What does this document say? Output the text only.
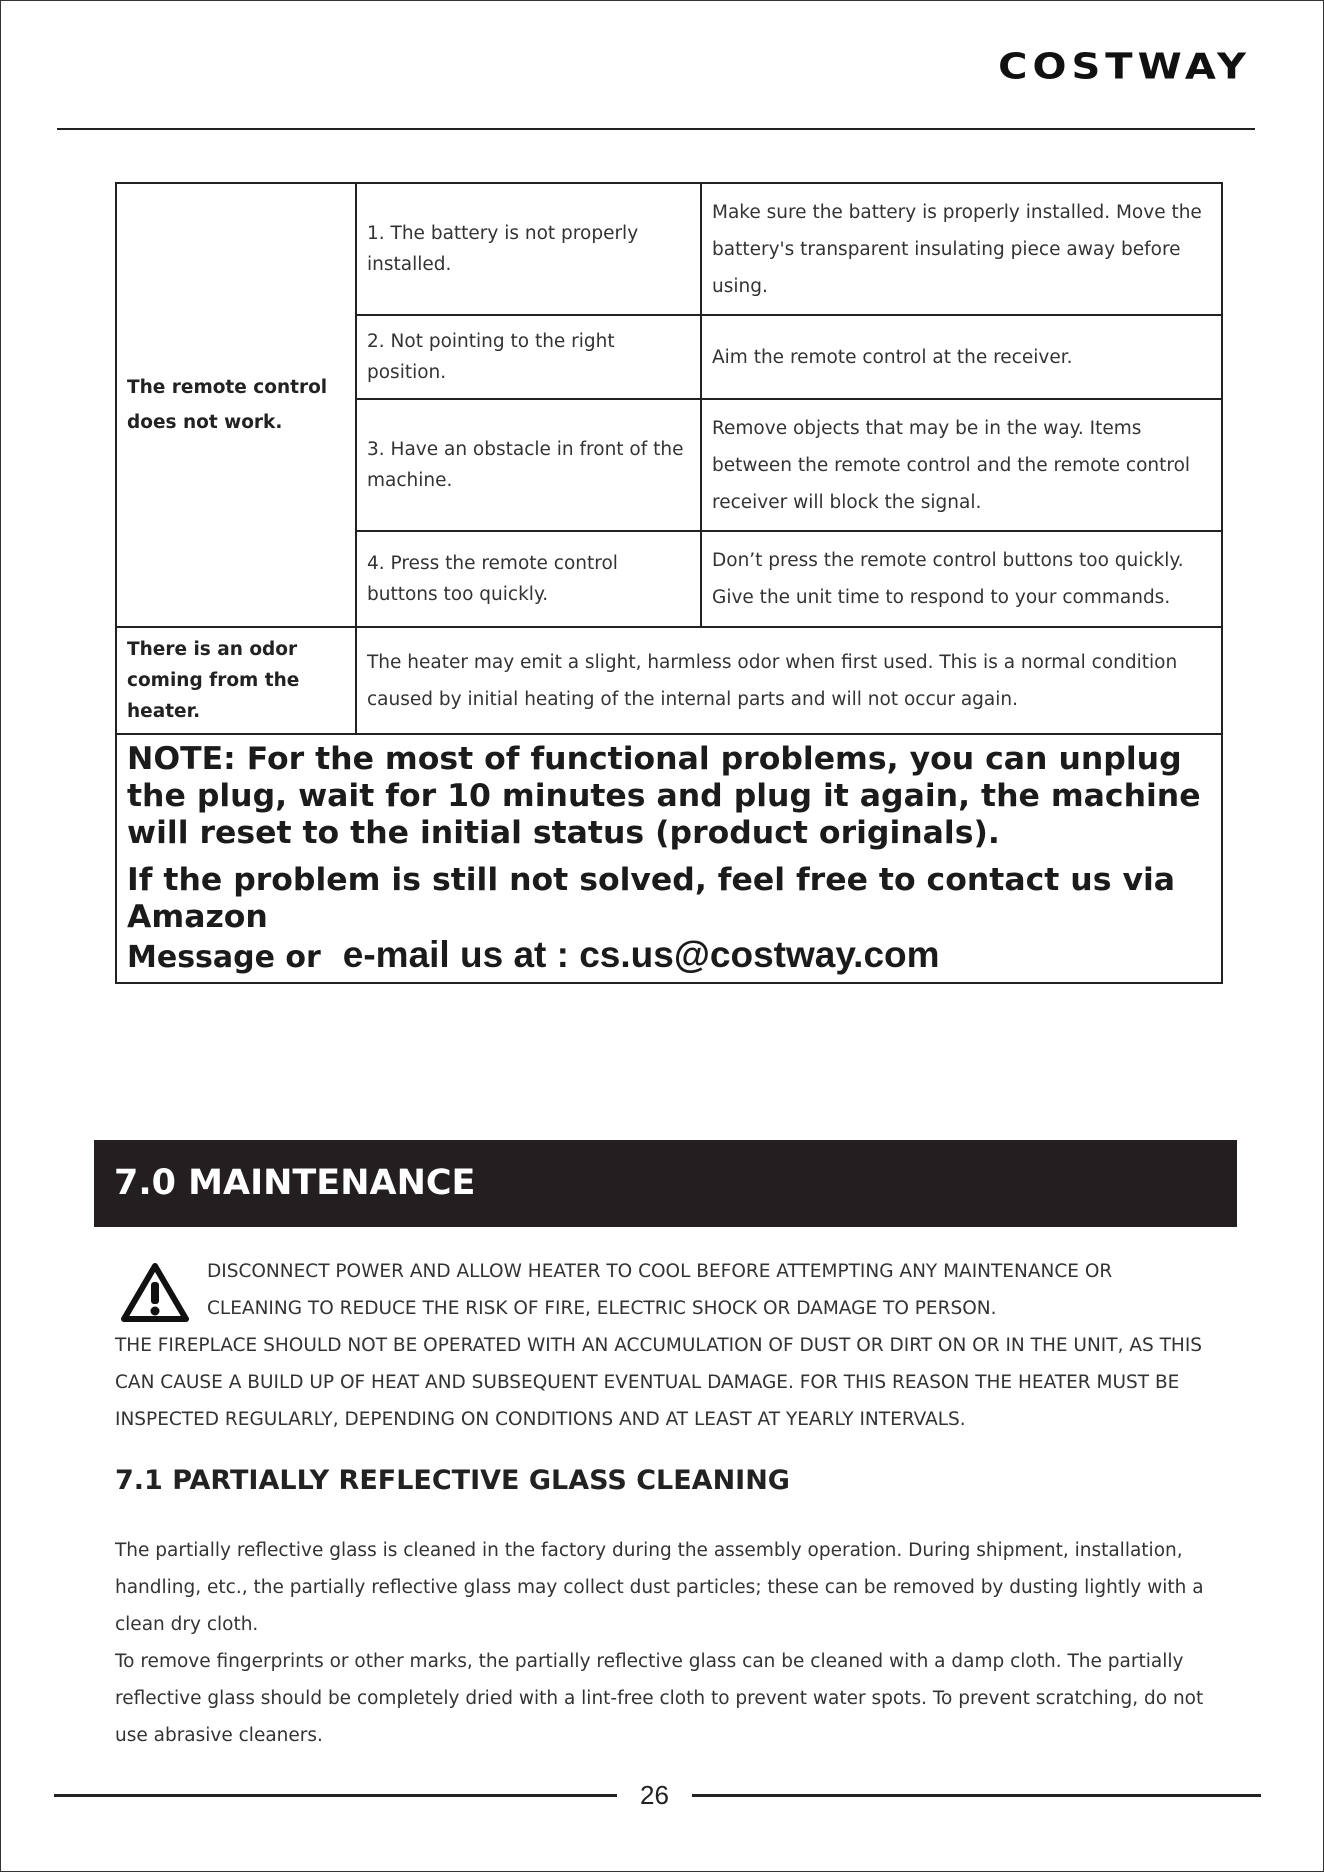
COSTWAY
The remote control does not work.	1. The battery is not properly installed.	Make sure the battery is properly installed. Move the battery's transparent insulating piece away before using.
	2. Not pointing to the right position.	Aim the remote control at the receiver.
	3. Have an obstacle in front of the machine.	Remove objects that may be in the way. Items between the remote control and the remote control receiver will block the signal.
	4. Press the remote control buttons too quickly.	Don’t press the remote control buttons too quickly. Give the unit time to respond to your commands.
There is an odor coming from the heater.	The heater may emit a slight, harmless odor when first used. This is a normal condition caused by initial heating of the internal parts and will not occur again.	

NOTE: For the most of functional problems, you can unplug the plug, wait for 10 minutes and plug it again, the machine will reset to the initial status (product originals).
If the problem is still not solved, feel free to contact us via Amazon
Message or e-mail us at : cs.us@costway.com		
7.0 MAINTENANCE
DISCONNECT POWER AND ALLOW HEATER TO COOL BEFORE ATTEMPTING ANY MAINTENANCE OR
CLEANING TO REDUCE THE RISK OF FIRE, ELECTRIC SHOCK OR DAMAGE TO PERSON.
THE FIREPLACE SHOULD NOT BE OPERATED WITH AN ACCUMULATION OF DUST OR DIRT ON OR IN THE UNIT, AS THIS CAN CAUSE A BUILD UP OF HEAT AND SUBSEQUENT EVENTUAL DAMAGE. FOR THIS REASON THE HEATER MUST BE INSPECTED REGULARLY, DEPENDING ON CONDITIONS AND AT LEAST AT YEARLY INTERVALS.
7.1 PARTIALLY REFLECTIVE GLASS CLEANING

The partially reflective glass is cleaned in the factory during the assembly operation. During shipment, installation, handling, etc., the partially reflective glass may collect dust particles; these can be removed by dusting lightly with a clean dry cloth.

To remove fingerprints or other marks, the partially reflective glass can be cleaned with a damp cloth. The partially reflective glass should be completely dried with a lint-free cloth to prevent water spots. To prevent scratching, do not use abrasive cleaners.

26
